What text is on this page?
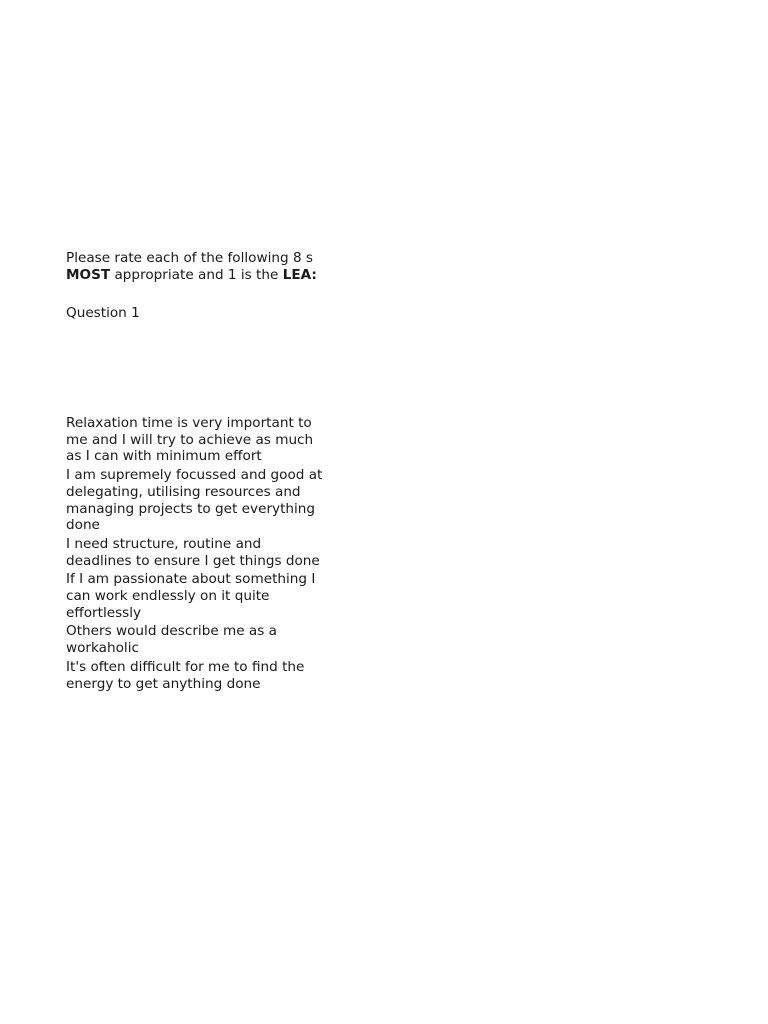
Please rate each of the following 8 s
MOST appropriate and 1 is the LEA:
Question 1
Relaxation time is very important to me and I will try to achieve as much as I can with minimum effort
I am supremely focussed and good at delegating, utilising resources and managing projects to get everything done
I need structure, routine and deadlines to ensure I get things done
If I am passionate about something I can work endlessly on it quite effortlessly
Others would describe me as a workaholic
It's often difficult for me to find the energy to get anything done
